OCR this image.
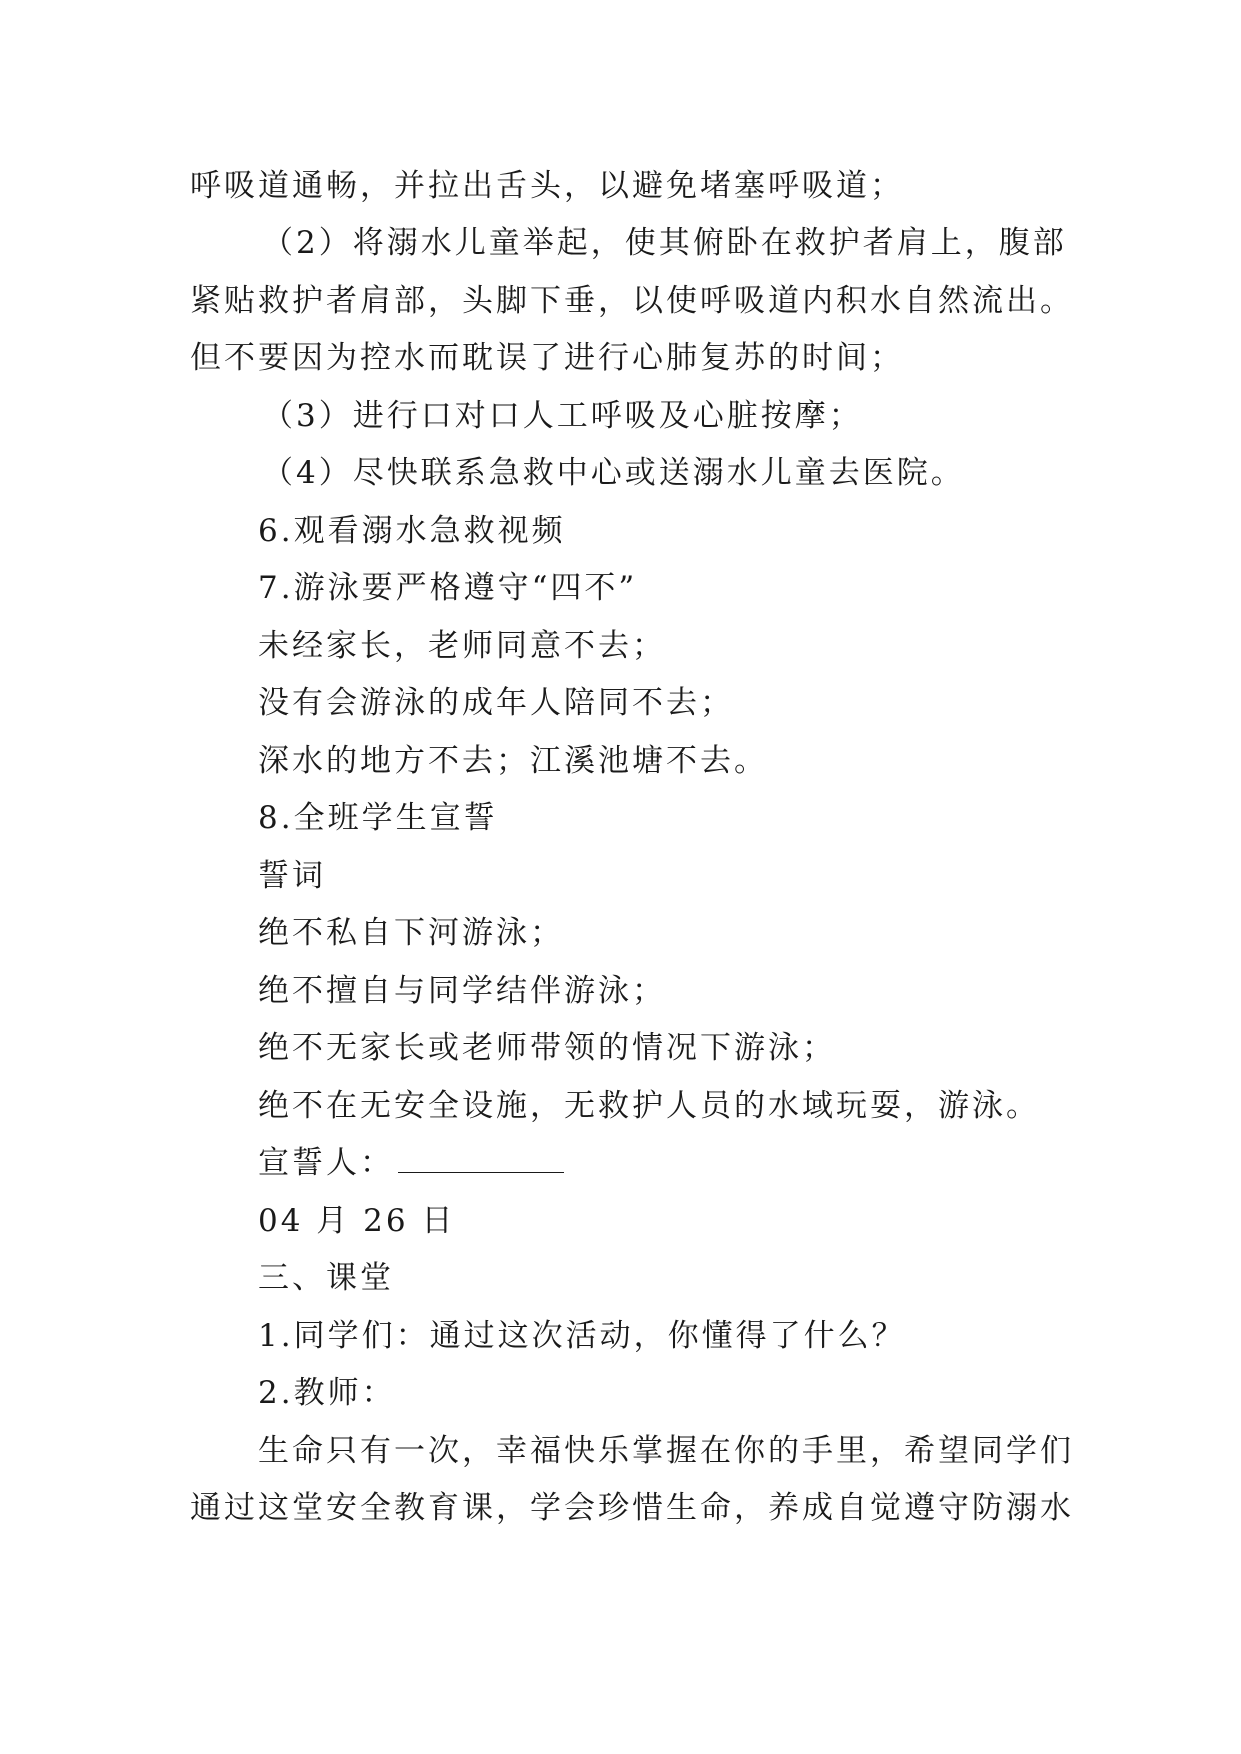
呼吸道通畅，并拉出舌头，以避免堵塞呼吸道；
（2）将溺水儿童举起，使其俯卧在救护者肩上，腹部
紧贴救护者肩部，头脚下垂，以使呼吸道内积水自然流出。
但不要因为控水而耽误了进行心肺复苏的时间；
（3）进行口对口人工呼吸及心脏按摩；
（4）尽快联系急救中心或送溺水儿童去医院。
6.观看溺水急救视频
7.游泳要严格遵守“四不”
未经家长，老师同意不去；
没有会游泳的成年人陪同不去；
深水的地方不去；江溪池塘不去。
8.全班学生宣誓
誓词
绝不私自下河游泳；
绝不擅自与同学结伴游泳；
绝不无家长或老师带领的情况下游泳；
绝不在无安全设施，无救护人员的水域玩耍，游泳。
宣誓人：
04 月 26 日
三、课堂
1.同学们：通过这次活动，你懂得了什么？
2.教师：
生命只有一次，幸福快乐掌握在你的手里，希望同学们
通过这堂安全教育课，学会珍惜生命，养成自觉遵守防溺水
